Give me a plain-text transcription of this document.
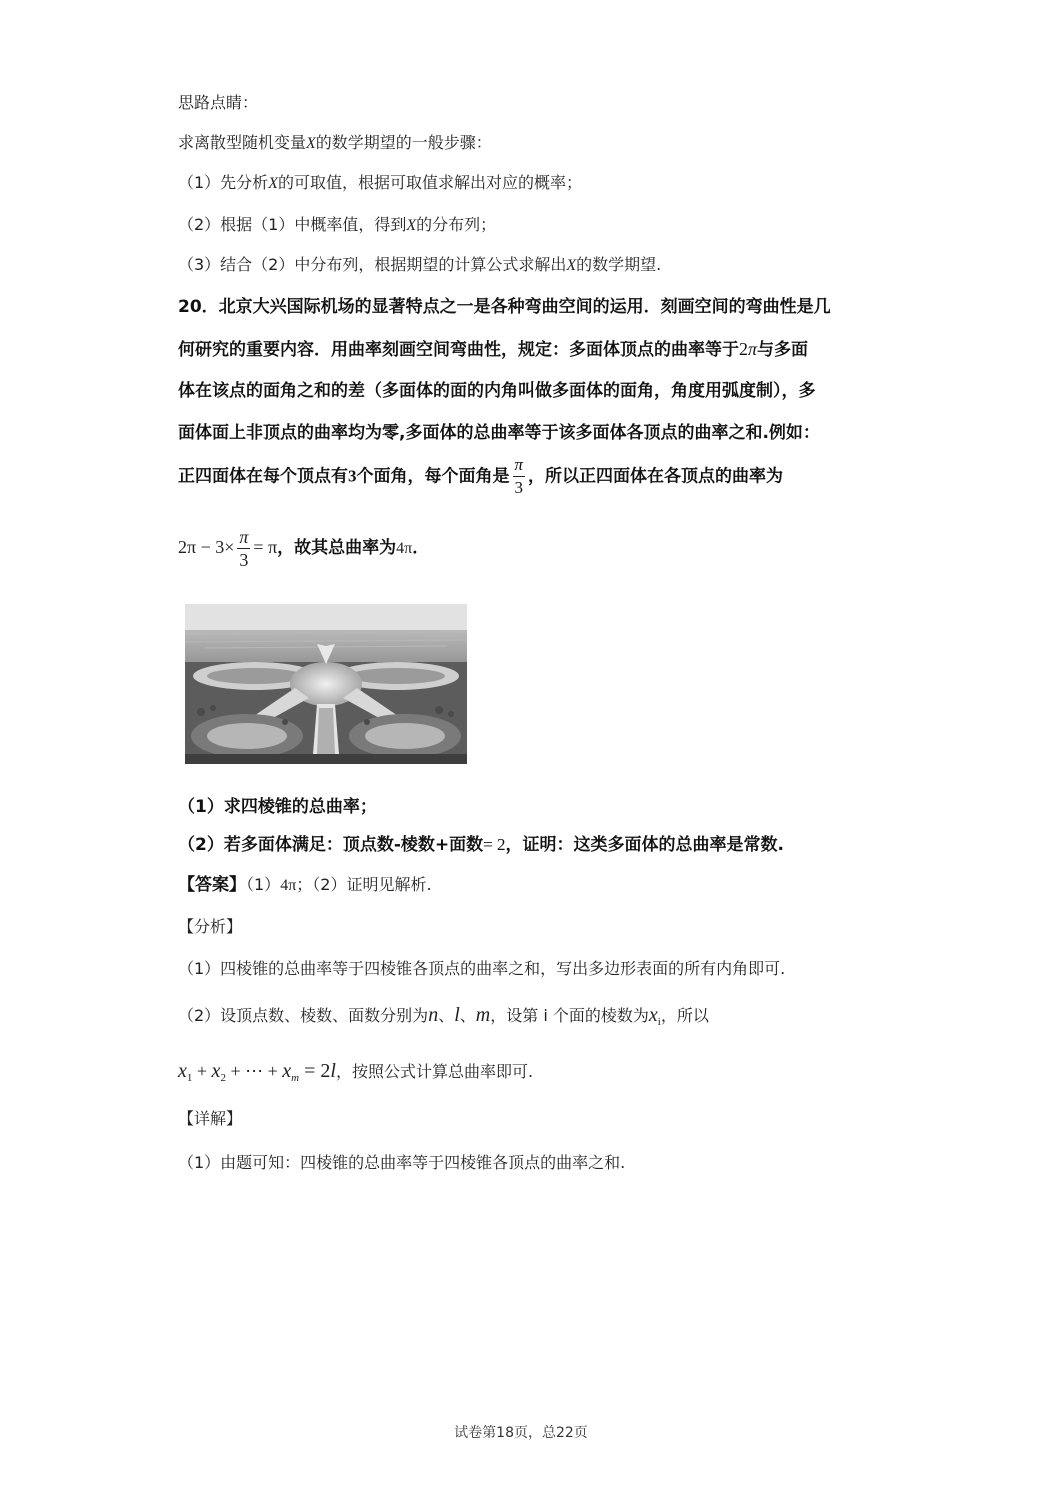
思路点睛：
求离散型随机变量X的数学期望的一般步骤：
（1）先分析X的可取值，根据可取值求解出对应的概率；
（2）根据（1）中概率值，得到X的分布列；
（3）结合（2）中分布列，根据期望的计算公式求解出X的数学期望.
20．北京大兴国际机场的显著特点之一是各种弯曲空间的运用．刻画空间的弯曲性是几
何研究的重要内容．用曲率刻画空间弯曲性，规定：多面体顶点的曲率等于2π与多面
体在该点的面角之和的差（多面体的面的内角叫做多面体的面角，角度用弧度制），多
面体面上非顶点的曲率均为零,多面体的总曲率等于该多面体各顶点的曲率之和.例如：
正四面体在每个顶点有3个面角，每个面角是 $\frac{\pi}{3}$ ，所以正四面体在各顶点的曲率为
$2\pi - 3\times \frac{\pi}{3} = \pi$，故其总曲率为4π．
（1）求四棱锥的总曲率；
（2）若多面体满足：顶点数-棱数+面数= 2，证明：这类多面体的总曲率是常数.
【答案】（1）4π；（2）证明见解析.
【分析】
（1）四棱锥的总曲率等于四棱锥各顶点的曲率之和，写出多边形表面的所有内角即可.
（2）设顶点数、棱数、面数分别为n、l、m，设第 i 个面的棱数为$x_i$，所以
$x_1 + x_2$ + ⋯ + $x_m = 2l$，按照公式计算总曲率即可.
【详解】
（1）由题可知：四棱锥的总曲率等于四棱锥各顶点的曲率之和.
试卷第18页，总22页
